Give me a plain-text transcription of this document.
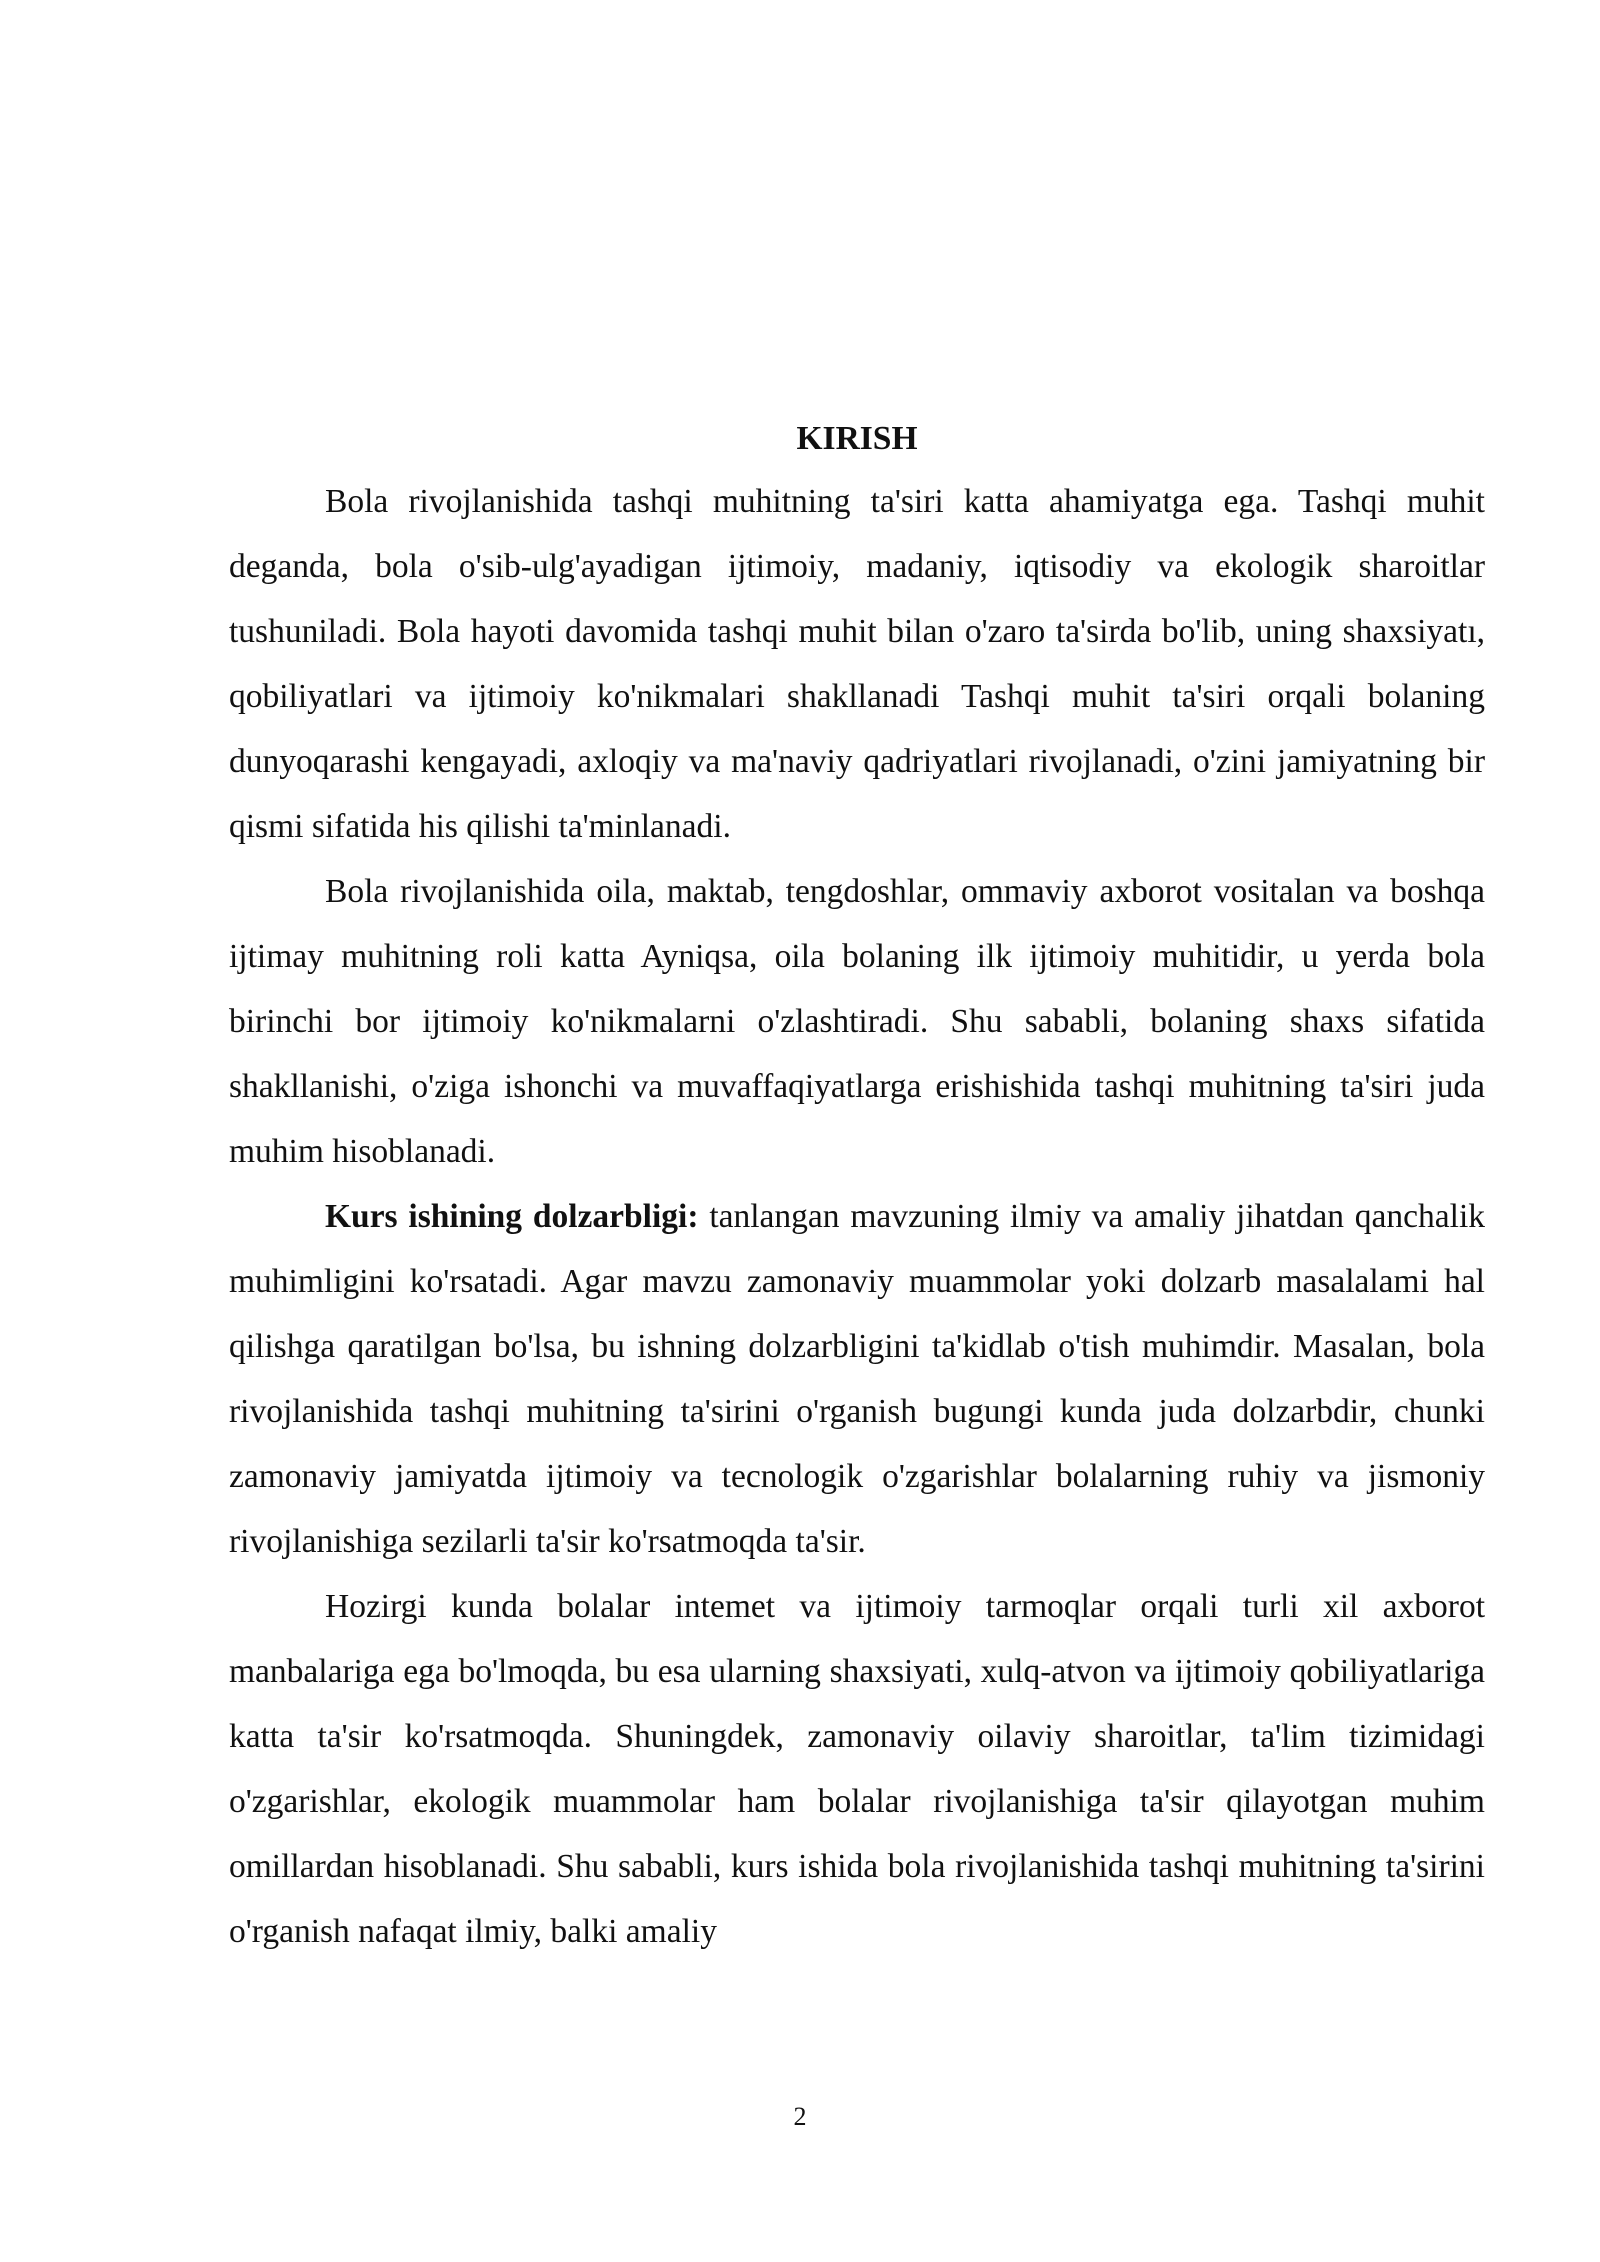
KIRISH

Bola rivojlanishida tashqi muhitning ta'siri katta ahamiyatga ega. Tashqi muhit deganda, bola o'sib-ulg'ayadigan ijtimoiy, madaniy, iqtisodiy va ekologik sharoitlar tushuniladi. Bola hayoti davomida tashqi muhit bilan o'zaro ta'sirda bo'lib, uning shaxsiyatı, qobiliyatlari va ijtimoiy ko'nikmalari shakllanadi Tashqi muhit ta'siri orqali bolaning dunyoqarashi kengayadi, axloqiy va ma'naviy qadriyatlari rivojlanadi, o'zini jamiyatning bir qismi sifatida his qilishi ta'minlanadi.

Bola rivojlanishida oila, maktab, tengdoshlar, ommaviy axborot vositalan va boshqa ijtimay muhitning roli katta Ayniqsa, oila bolaning ilk ijtimoiy muhitidir, u yerda bola birinchi bor ijtimoiy ko'nikmalarni o'zlashtiradi. Shu sababli, bolaning shaxs sifatida shakllanishi, o'ziga ishonchi va muvaffaqiyatlarga erishishida tashqi muhitning ta'siri juda muhim hisoblanadi.

Kurs ishining dolzarbligi: tanlangan mavzuning ilmiy va amaliy jihatdan qanchalik muhimligini ko'rsatadi. Agar mavzu zamonaviy muammolar yoki dolzarb masalalami hal qilishga qaratilgan bo'lsa, bu ishning dolzarbligini ta'kidlab o'tish muhimdir. Masalan, bola rivojlanishida tashqi muhitning ta'sirini o'rganish bugungi kunda juda dolzarbdir, chunki zamonaviy jamiyatda ijtimoiy va tecnologik o'zgarishlar bolalarning ruhiy va jismoniy rivojlanishiga sezilarli ta'sir ko'rsatmoqda ta'sir.

Hozirgi kunda bolalar intemet va ijtimoiy tarmoqlar orqali turli xil axborot manbalariga ega bo'lmoqda, bu esa ularning shaxsiyati, xulq-atvon va ijtimoiy qobiliyatlariga katta ta'sir ko'rsatmoqda. Shuningdek, zamonaviy oilaviy sharoitlar, ta'lim tizimidagi o'zgarishlar, ekologik muammolar ham bolalar rivojlanishiga ta'sir qilayotgan muhim omillardan hisoblanadi. Shu sababli, kurs ishida bola rivojlanishida tashqi muhitning ta'sirini o'rganish nafaqat ilmiy, balki amaliy

2
